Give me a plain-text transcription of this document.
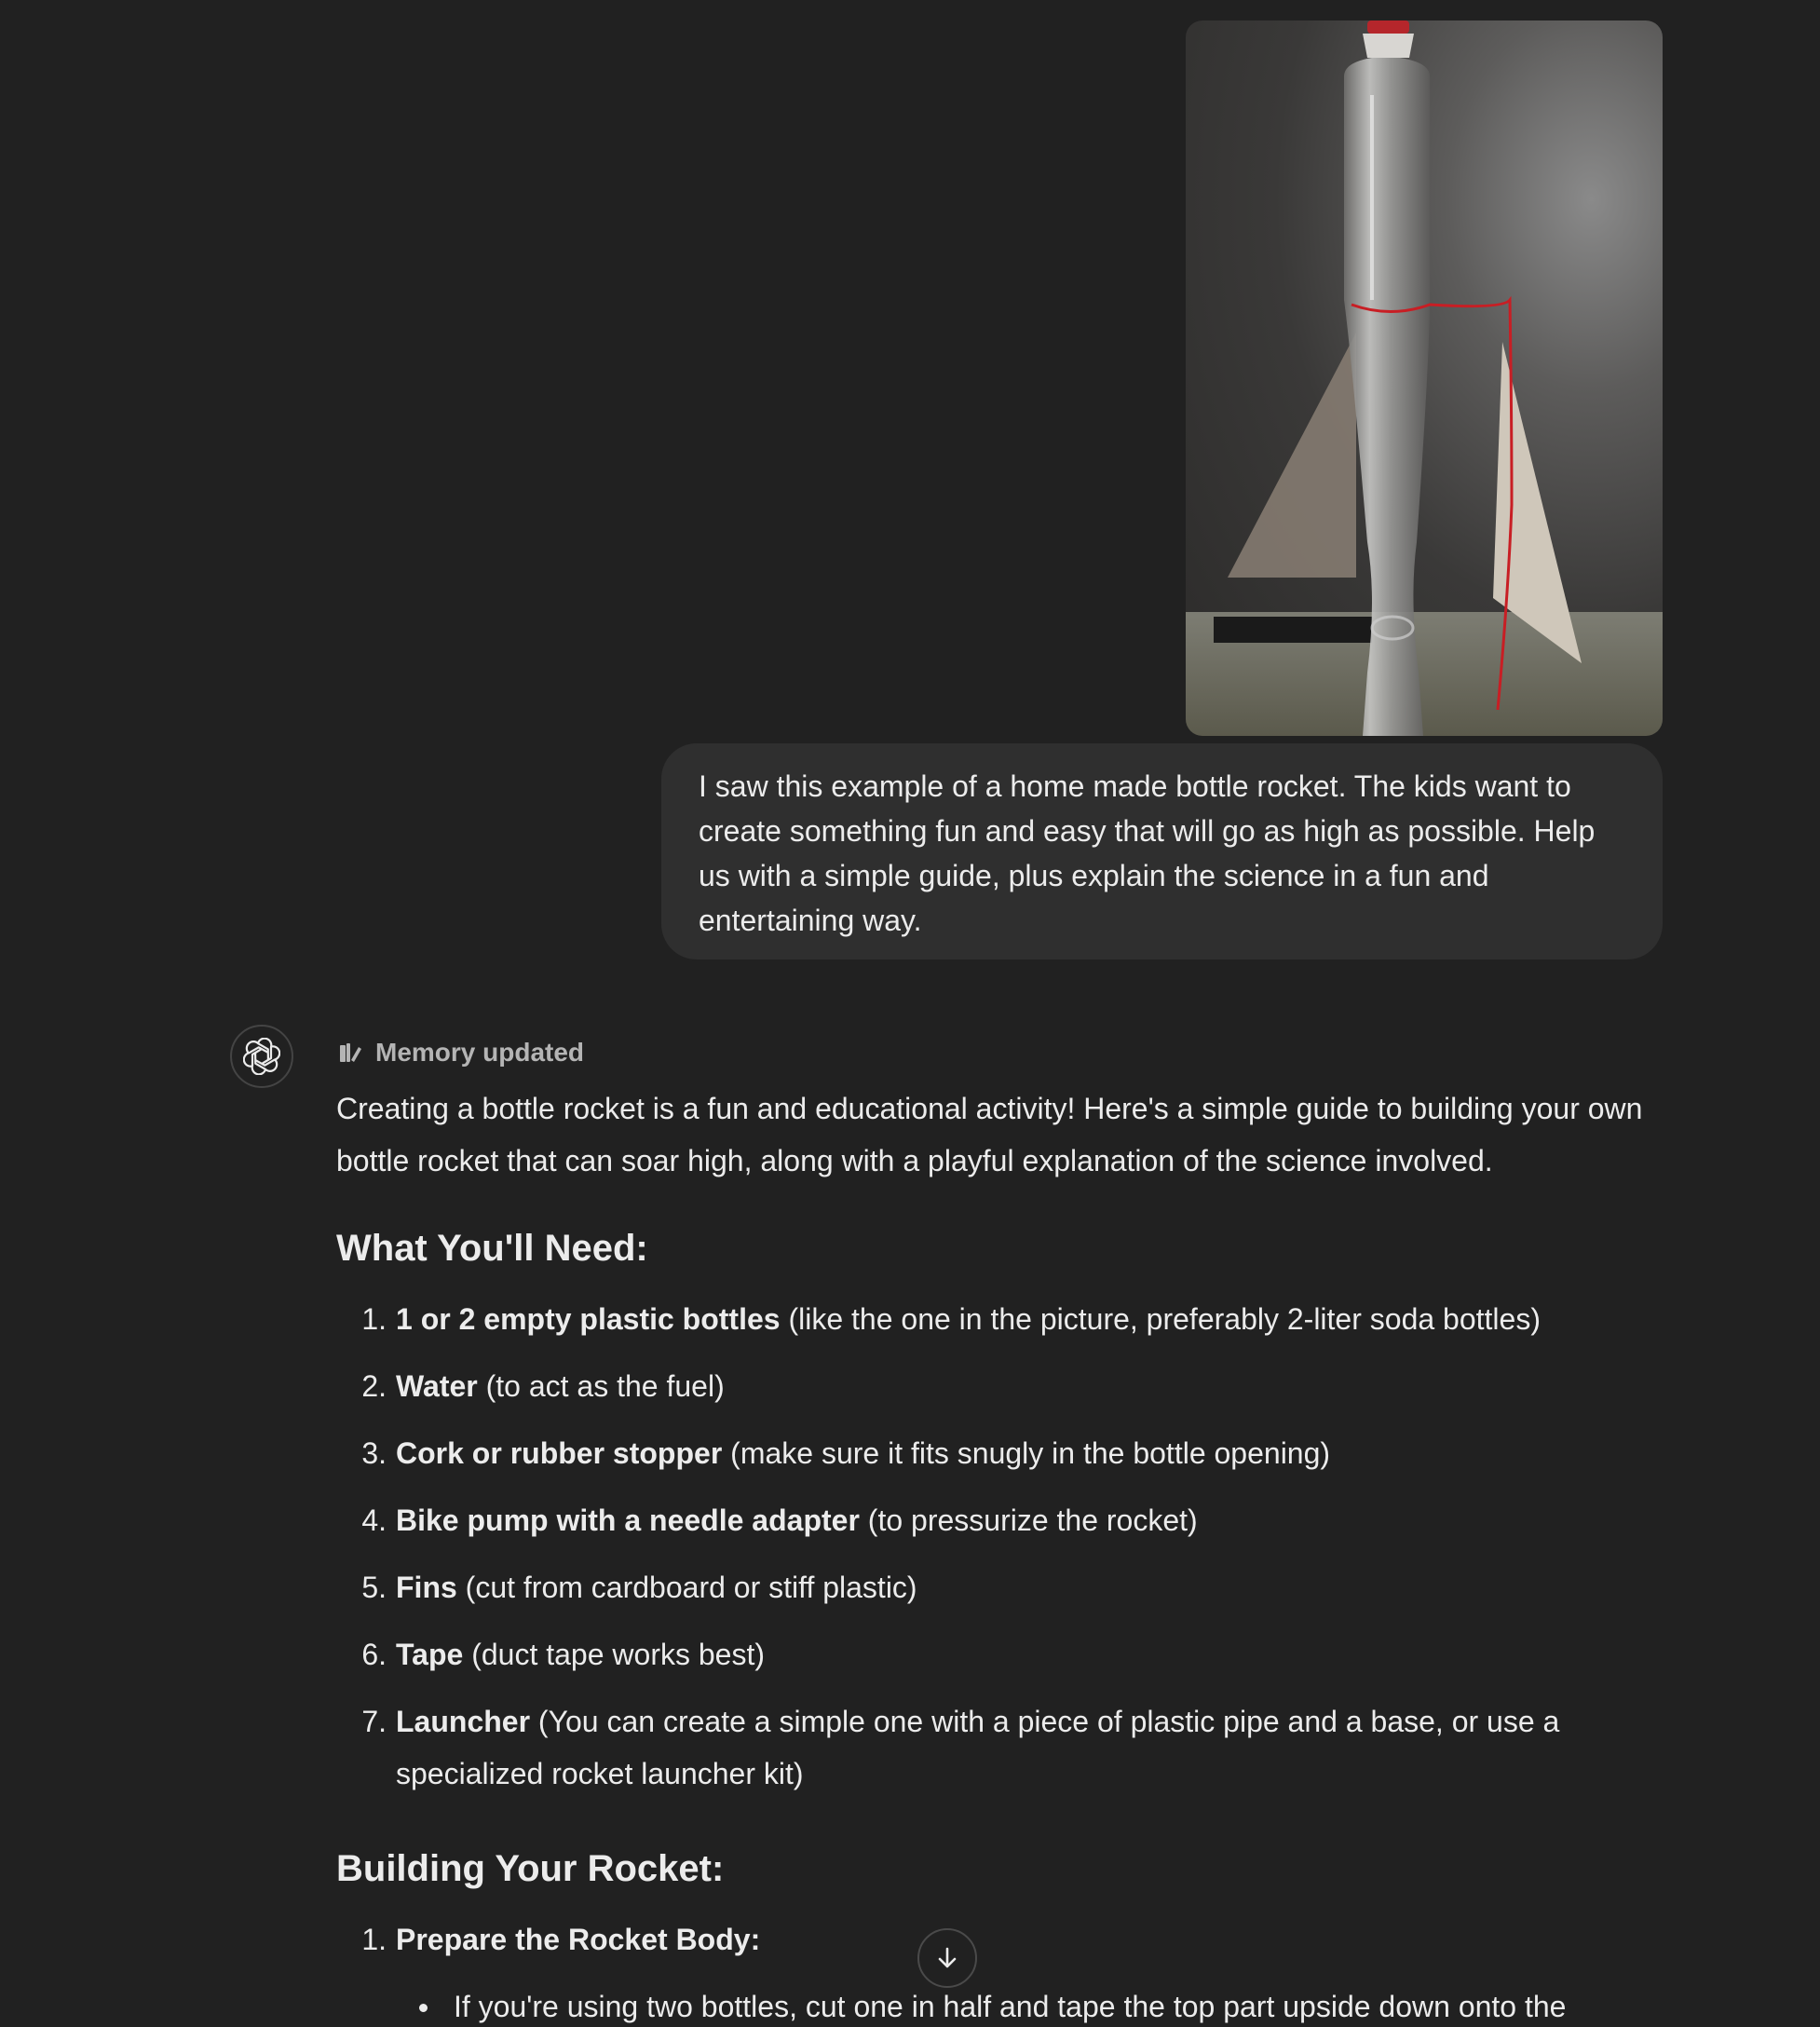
I saw this example of a home made bottle rocket. The kids want to create something fun and easy that will go as high as possible. Help us with a simple guide, plus explain the science in a fun and entertaining way.

Memory updated

Creating a bottle rocket is a fun and educational activity! Here's a simple guide to building your own bottle rocket that can soar high, along with a playful explanation of the science involved.

What You'll Need:
1. 1 or 2 empty plastic bottles (like the one in the picture, preferably 2-liter soda bottles)
2. Water (to act as the fuel)
3. Cork or rubber stopper (make sure it fits snugly in the bottle opening)
4. Bike pump with a needle adapter (to pressurize the rocket)
5. Fins (cut from cardboard or stiff plastic)
6. Tape (duct tape works best)
7. Launcher (You can create a simple one with a piece of plastic pipe and a base, or use a specialized rocket launcher kit)
Building Your Rocket:
1. Prepare the Rocket Body:
If you're using two bottles, cut one in half and tape the top part upside down onto the
